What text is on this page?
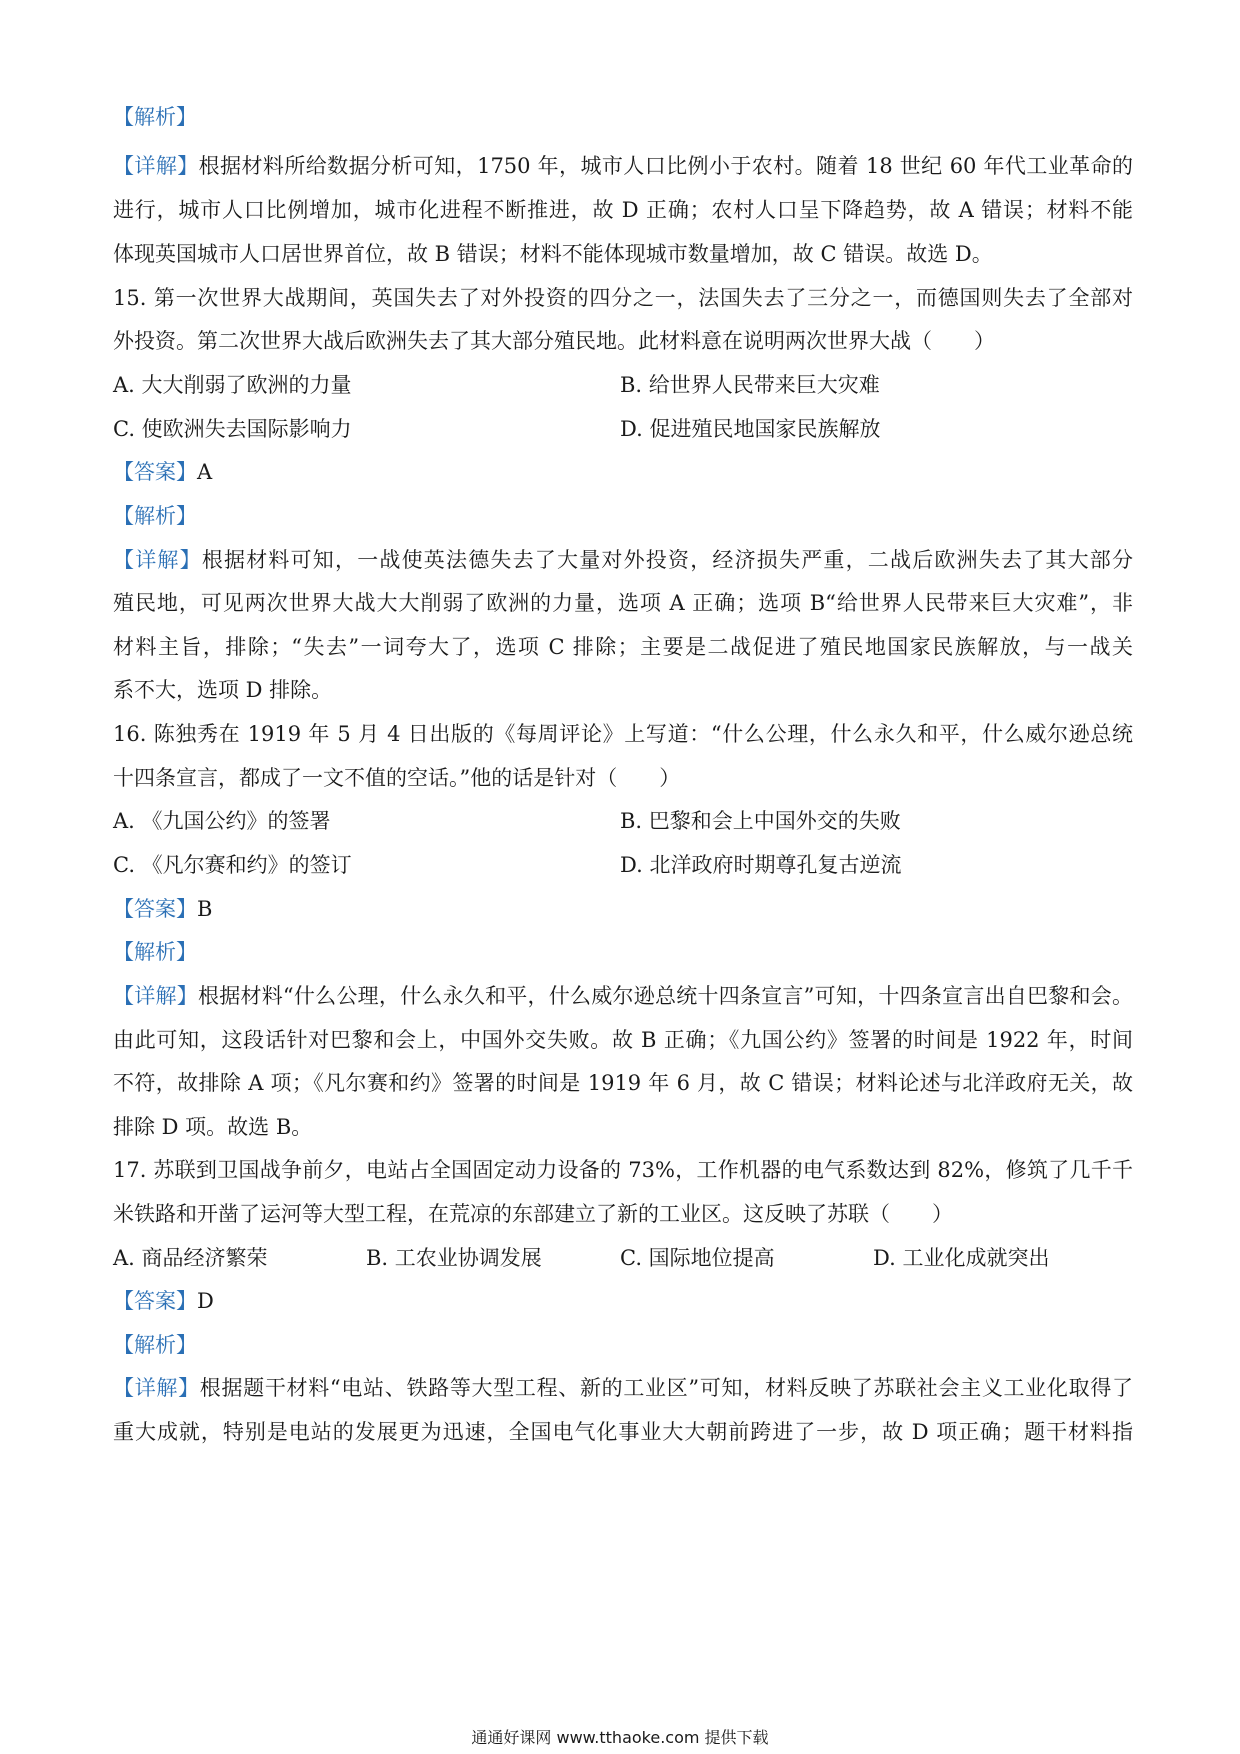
【解析】
【详解】根据材料所给数据分析可知，1750 年，城市人口比例小于农村。随着 18 世纪 60 年代工业革命的
进行，城市人口比例增加，城市化进程不断推进，故 D 正确；农村人口呈下降趋势，故 A 错误；材料不能
体现英国城市人口居世界首位，故 B 错误；材料不能体现城市数量增加，故 C 错误。故选 D。
15. 第一次世界大战期间，英国失去了对外投资的四分之一，法国失去了三分之一，而德国则失去了全部对
外投资。第二次世界大战后欧洲失去了其大部分殖民地。此材料意在说明两次世界大战（　　）
A. 大大削弱了欧洲的力量	B. 给世界人民带来巨大灾难
C. 使欧洲失去国际影响力	D. 促进殖民地国家民族解放
【答案】A
【解析】
【详解】根据材料可知，一战使英法德失去了大量对外投资，经济损失严重，二战后欧洲失去了其大部分
殖民地，可见两次世界大战大大削弱了欧洲的力量，选项 A 正确；选项 B“给世界人民带来巨大灾难”，非
材料主旨，排除；“失去”一词夸大了，选项 C 排除；主要是二战促进了殖民地国家民族解放，与一战关
系不大，选项 D 排除。
16. 陈独秀在 1919 年 5 月 4 日出版的《每周评论》上写道：“什么公理，什么永久和平，什么威尔逊总统
十四条宣言，都成了一文不值的空话。”他的话是针对（　　）
A. 《九国公约》的签署	B. 巴黎和会上中国外交的失败
C. 《凡尔赛和约》的签订	D. 北洋政府时期尊孔复古逆流
【答案】B
【解析】
【详解】根据材料“什么公理，什么永久和平，什么威尔逊总统十四条宣言”可知，十四条宣言出自巴黎和会。
由此可知，这段话针对巴黎和会上，中国外交失败。故 B 正确；《九国公约》签署的时间是 1922 年，时间
不符，故排除 A 项；《凡尔赛和约》签署的时间是 1919 年 6 月，故 C 错误；材料论述与北洋政府无关，故
排除 D 项。故选 B。
17. 苏联到卫国战争前夕，电站占全国固定动力设备的 73%，工作机器的电气系数达到 82%，修筑了几千千
米铁路和开凿了运河等大型工程，在荒凉的东部建立了新的工业区。这反映了苏联（　　）
A. 商品经济繁荣	B. 工农业协调发展	C. 国际地位提高	D. 工业化成就突出
【答案】D
【解析】
【详解】根据题干材料“电站、铁路等大型工程、新的工业区”可知，材料反映了苏联社会主义工业化取得了
重大成就，特别是电站的发展更为迅速，全国电气化事业大大朝前跨进了一步，故 D 项正确；题干材料指
通通好课网 www.tthaoke.com 提供下载
